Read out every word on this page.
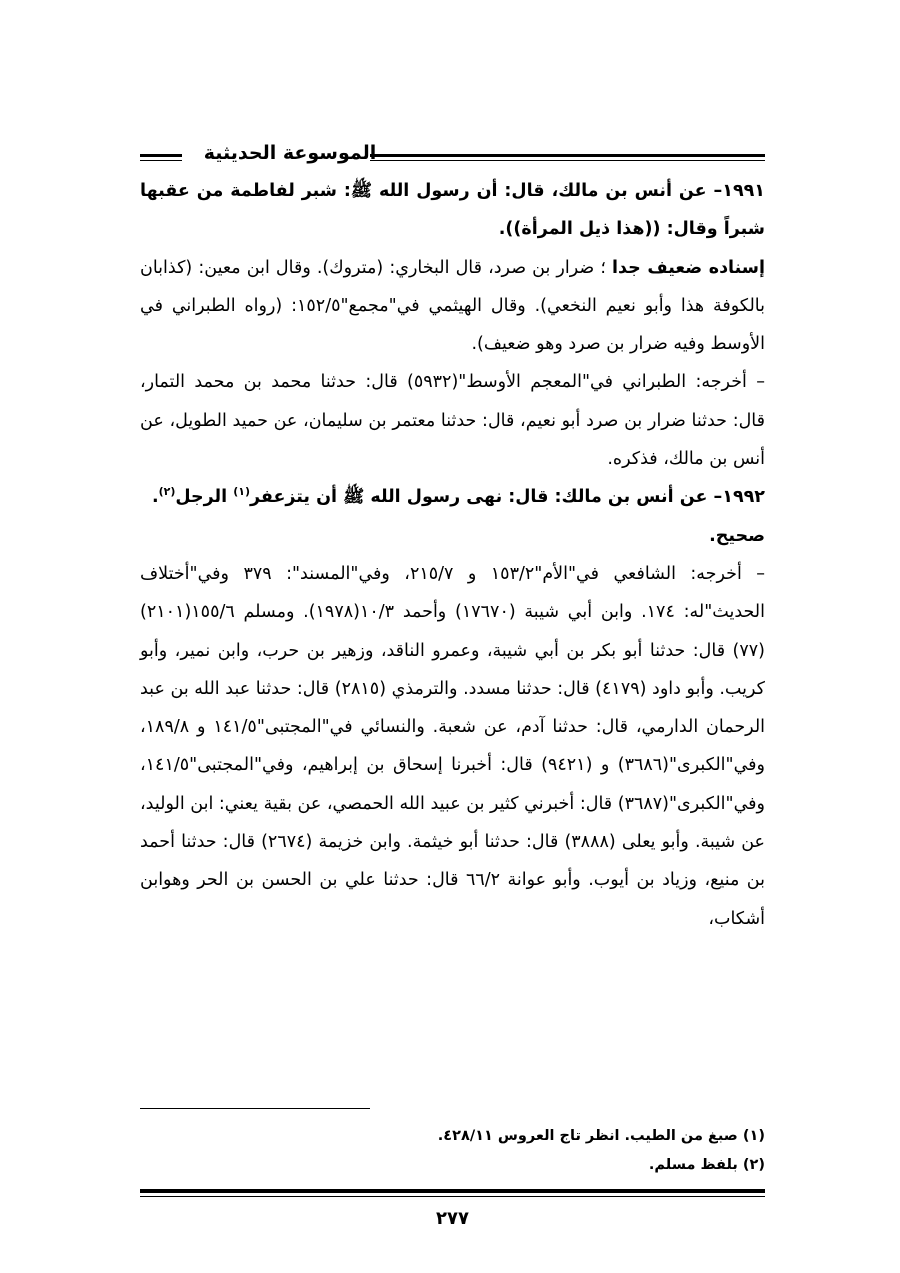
الموسوعة الحديثية

١٩٩١– عن أنس بن مالك، قال: أن رسول الله ﷺ: شبر لفاطمة من عقبها شبراً وقال: ((هذا ذيل المرأة)).

إسناده ضعيف جدا ؛ ضرار بن صرد، قال البخاري: (متروك). وقال ابن معين: (كذابان بالكوفة هذا وأبو نعيم النخعي). وقال الهيثمي في"مجمع"١٥٢/٥: (رواه الطبراني في الأوسط وفيه ضرار بن صرد وهو ضعيف).

– أخرجه: الطبراني في"المعجم الأوسط"(٥٩٣٢) قال: حدثنا محمد بن محمد التمار، قال: حدثنا ضرار بن صرد أبو نعيم، قال: حدثنا معتمر بن سليمان، عن حميد الطويل، عن أنس بن مالك، فذكره.

١٩٩٢– عن أنس بن مالك: قال: نهى رسول الله ﷺ أن يتزعفر$^{(١)}$ الرجل$^{(٢)}$.

صحيح.

– أخرجه: الشافعي في"الأم"١٥٣/٢ و ٢١٥/٧، وفي"المسند": ٣٧٩ وفي"أختلاف الحديث"له: ١٧٤. وابن أبي شيبة (١٧٦٧٠) وأحمد ١٠/٣(١٩٧٨). ومسلم ١٥٥/٦(٢١٠١) (٧٧) قال: حدثنا أبو بكر بن أبي شيبة، وعمرو الناقد، وزهير بن حرب، وابن نمير، وأبو كريب. وأبو داود (٤١٧٩) قال: حدثنا مسدد. والترمذي (٢٨١٥) قال: حدثنا عبد الله بن عبد الرحمان الدارمي، قال: حدثنا آدم، عن شعبة. والنسائي في"المجتبى"١٤١/٥ و ١٨٩/٨، وفي"الكبرى"(٣٦٨٦) و (٩٤٢١) قال: أخبرنا إسحاق بن إبراهيم، وفي"المجتبى"١٤١/٥، وفي"الكبرى"(٣٦٨٧) قال: أخبرني كثير بن عبيد الله الحمصي، عن بقية يعني: ابن الوليد، عن شيبة. وأبو يعلى (٣٨٨٨) قال: حدثنا أبو خيثمة. وابن خزيمة (٢٦٧٤) قال: حدثنا أحمد بن منيع، وزياد بن أيوب. وأبو عوانة ٦٦/٢ قال: حدثنا علي بن الحسن بن الحر وهوابن أشكاب،

(١) صبغ من الطيب. انظر تاج العروس ٤٢٨/١١.

(٢) بلفظ مسلم.

٢٧٧
